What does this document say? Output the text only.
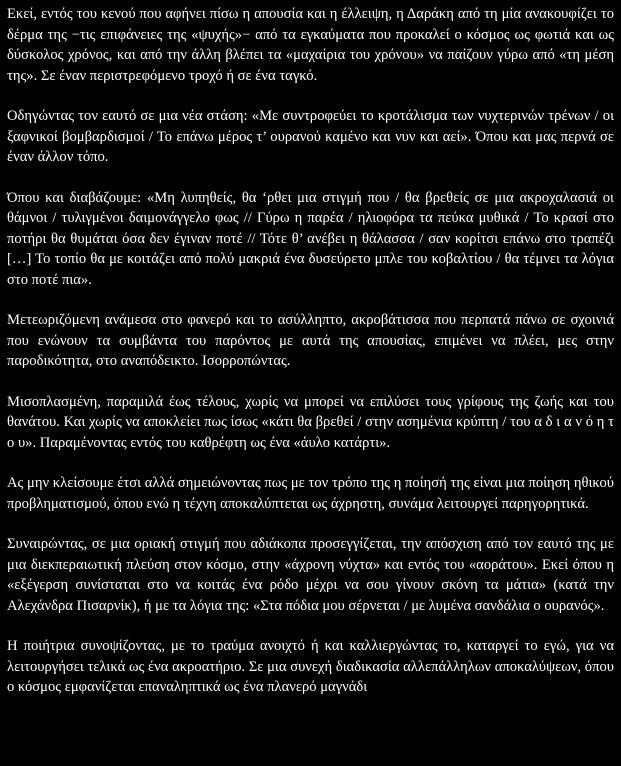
Εκεί, εντός του κενού που αφήνει πίσω η απουσία και η έλλειψη, η Δαράκη από τη μία ανακουφίζει το δέρμα της −τις επιφάνειες της «ψυχής»− από τα εγκαύματα που προκαλεί ο κόσμος ως φωτιά και ως δύσκολος χρόνος, και από την άλλη βλέπει τα «μαχαίρια του χρόνου» να παίζουν γύρω από «τη μέση της». Σε έναν περιστρεφόμενο τροχό ή σε ένα ταγκό.

Οδηγώντας τον εαυτό σε μια νέα στάση: «Με συντροφεύει το κροτάλισμα των νυχτερινών τρένων / οι ξαφνικοί βομβαρδισμοί / Το επάνω μέρος τ’ ουρανού καμένο και νυν και αεί». Όπου και μας περνά σε έναν άλλον τόπο.

Όπου και διαβάζουμε: «Μη λυπηθείς, θα ‘ρθει μια στιγμή που / θα βρεθείς σε μια ακροχαλασιά οι θάμνοι / τυλιγμένοι δαιμονάγγελο φως // Γύρω η παρέα / ηλιοφόρα τα πεύκα μυθικά / Το κρασί στο ποτήρι θα θυμάται όσα δεν έγιναν ποτέ // Τότε θ’ ανέβει η θάλασσα / σαν κορίτσι επάνω στο τραπέζι […] Το τοπίο θα με κοιτάζει από πολύ μακριά ένα δυσεύρετο μπλε του κοβαλτίου / θα τέμνει τα λόγια στο ποτέ πια».

Μετεωριζόμενη ανάμεσα στο φανερό και το ασύλληπτο, ακροβάτισσα που περπατά πάνω σε σχοινιά που ενώνουν τα συμβάντα του παρόντος με αυτά της απουσίας, επιμένει να πλέει, μες στην παροδικότητα, στο αναπόδεικτο. Ισορροπώντας.

Μισοπλασμένη, παραμιλά έως τέλους, χωρίς να μπορεί να επιλύσει τους γρίφους της ζωής και του θανάτου. Και χωρίς να αποκλείει πως ίσως «κάτι θα βρεθεί / στην ασημένια κρύπτη / του α δ ι α ν ό η τ ο υ». Παραμένοντας εντός του καθρέφτη ως ένα «άυλο κατάρτι».

Ας μην κλείσουμε έτσι αλλά σημειώνοντας πως με τον τρόπο της η ποίησή της είναι μια ποίηση ηθικού προβληματισμού, όπου ενώ η τέχνη αποκαλύπτεται ως άχρηστη, συνάμα λειτουργεί παρηγορητικά.

Συναιρώντας, σε μια οριακή στιγμή που αδιάκοπα προσεγγίζεται, την απόσχιση από τον εαυτό της με μια διεκπεραιωτική πλεύση στον κόσμο, στην «άχρονη νύχτα» και εντός του «αοράτου». Εκεί όπου η «εξέγερση συνίσταται στο να κοιτάς ένα ρόδο μέχρι να σου γίνουν σκόνη τα μάτια» (κατά την Αλεχάνδρα Πισαρνίκ), ή με τα λόγια της: «Στα πόδια μου σέρνεται / με λυμένα σανδάλια ο ουρανός».

Η ποιήτρια συνοψίζοντας, με το τραύμα ανοιχτό ή και καλλιεργώντας το, καταργεί το εγώ, για να λειτουργήσει τελικά ως ένα ακροατήριο. Σε μια συνεχή διαδικασία αλλεπάλληλων αποκαλύψεων, όπου ο κόσμος εμφανίζεται επαναληπτικά ως ένα πλανερό μαγνάδι
